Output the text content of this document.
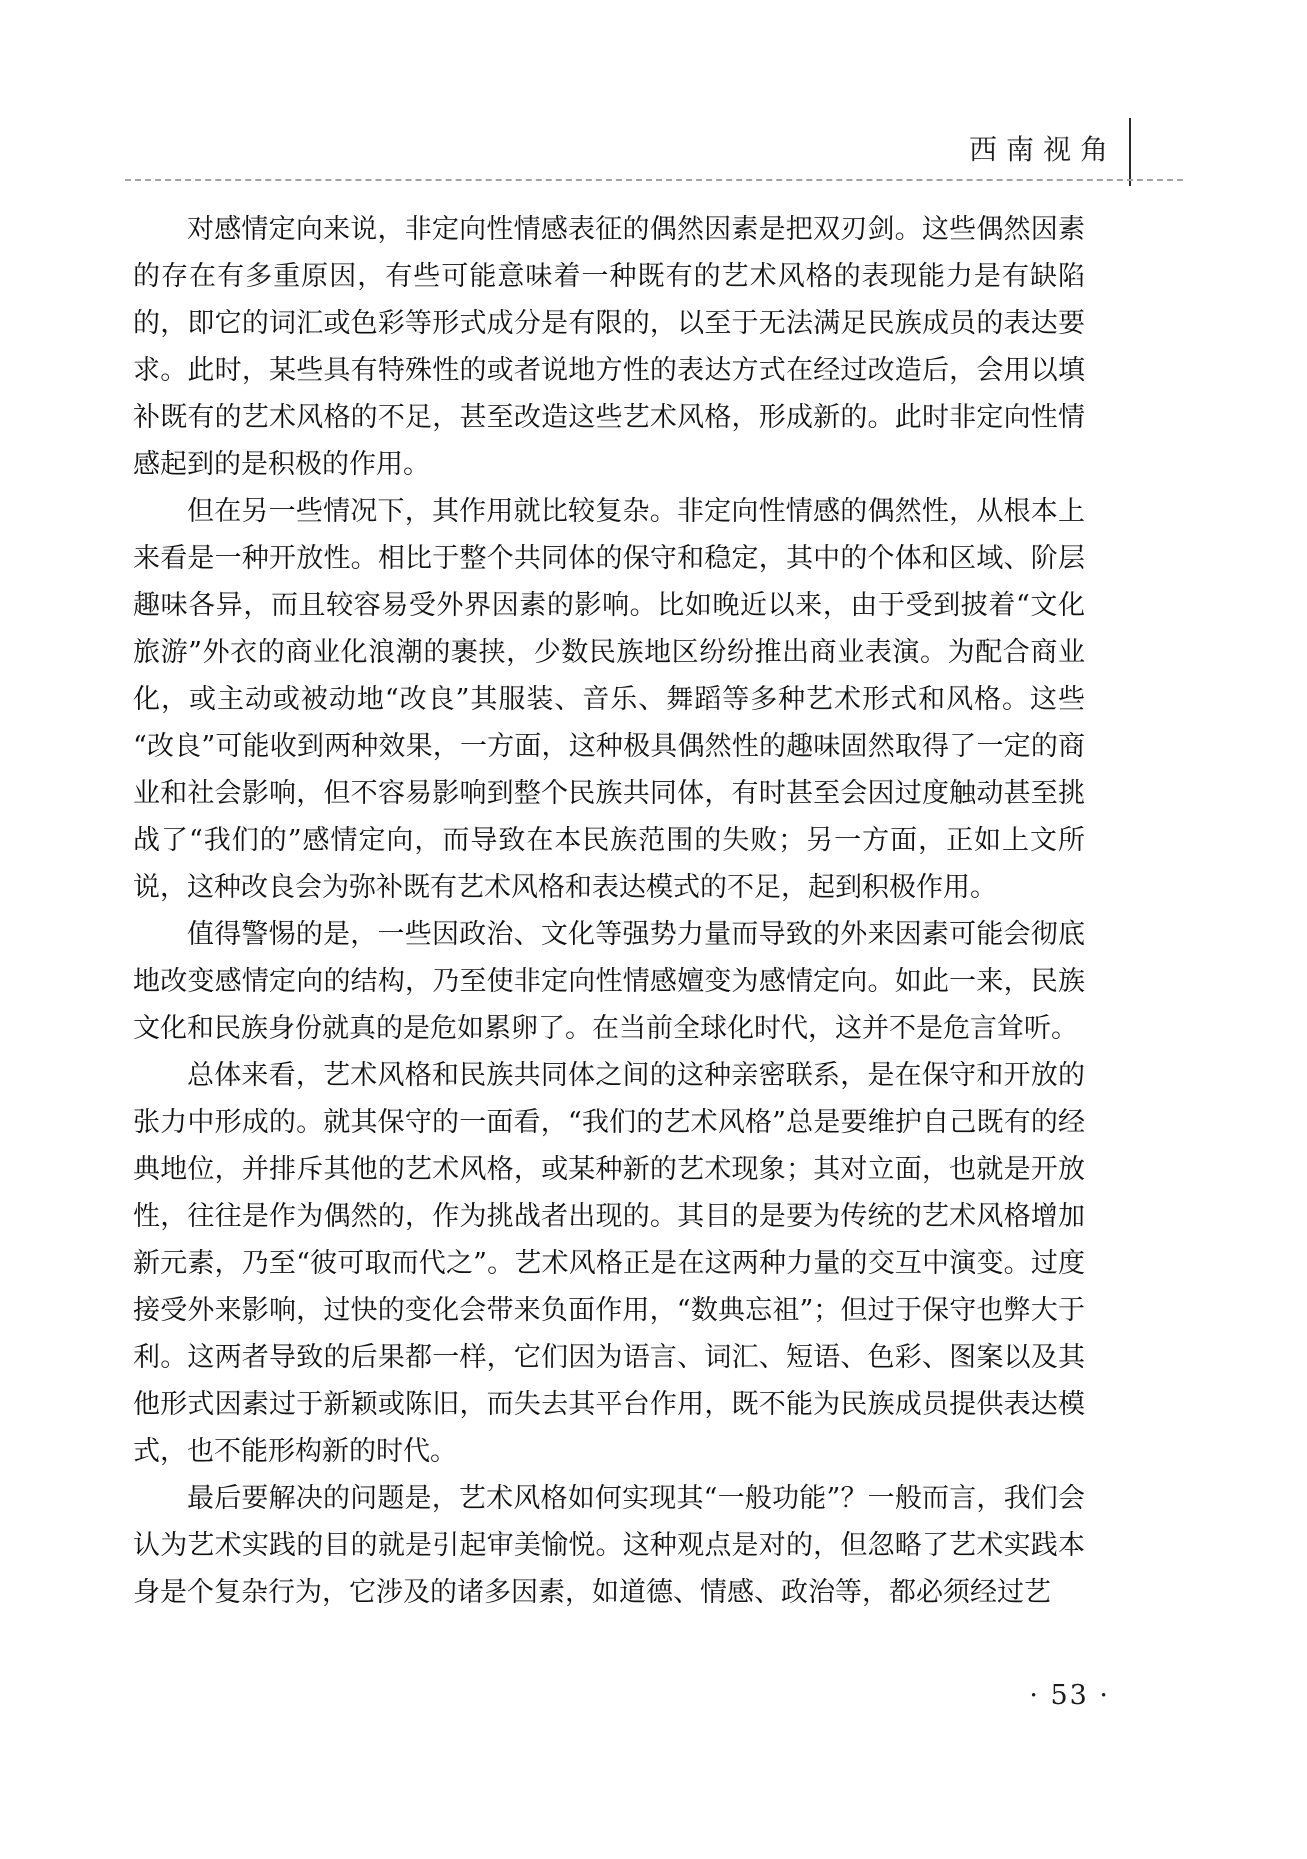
西南视角

对感情定向来说，非定向性情感表征的偶然因素是把双刃剑。这些偶然因素的存在有多重原因，有些可能意味着一种既有的艺术风格的表现能力是有缺陷的，即它的词汇或色彩等形式成分是有限的，以至于无法满足民族成员的表达要求。此时，某些具有特殊性的或者说地方性的表达方式在经过改造后，会用以填补既有的艺术风格的不足，甚至改造这些艺术风格，形成新的。此时非定向性情感起到的是积极的作用。

但在另一些情况下，其作用就比较复杂。非定向性情感的偶然性，从根本上来看是一种开放性。相比于整个共同体的保守和稳定，其中的个体和区域、阶层趣味各异，而且较容易受外界因素的影响。比如晚近以来，由于受到披着“文化旅游”外衣的商业化浪潮的裹挟，少数民族地区纷纷推出商业表演。为配合商业化，或主动或被动地“改良”其服装、音乐、舞蹈等多种艺术形式和风格。这些“改良”可能收到两种效果，一方面，这种极具偶然性的趣味固然取得了一定的商业和社会影响，但不容易影响到整个民族共同体，有时甚至会因过度触动甚至挑战了“我们的”感情定向，而导致在本民族范围的失败；另一方面，正如上文所说，这种改良会为弥补既有艺术风格和表达模式的不足，起到积极作用。

值得警惕的是，一些因政治、文化等强势力量而导致的外来因素可能会彻底地改变感情定向的结构，乃至使非定向性情感嬗变为感情定向。如此一来，民族文化和民族身份就真的是危如累卵了。在当前全球化时代，这并不是危言耸听。

总体来看，艺术风格和民族共同体之间的这种亲密联系，是在保守和开放的张力中形成的。就其保守的一面看，“我们的艺术风格”总是要维护自己既有的经典地位，并排斥其他的艺术风格，或某种新的艺术现象；其对立面，也就是开放性，往往是作为偶然的，作为挑战者出现的。其目的是要为传统的艺术风格增加新元素，乃至“彼可取而代之”。艺术风格正是在这两种力量的交互中演变。过度接受外来影响，过快的变化会带来负面作用，“数典忘祖”；但过于保守也弊大于利。这两者导致的后果都一样，它们因为语言、词汇、短语、色彩、图案以及其他形式因素过于新颖或陈旧，而失去其平台作用，既不能为民族成员提供表达模式，也不能形构新的时代。

最后要解决的问题是，艺术风格如何实现其“一般功能”？一般而言，我们会认为艺术实践的目的就是引起审美愉悦。这种观点是对的，但忽略了艺术实践本身是个复杂行为，它涉及的诸多因素，如道德、情感、政治等，都必须经过艺

· 53 ·
